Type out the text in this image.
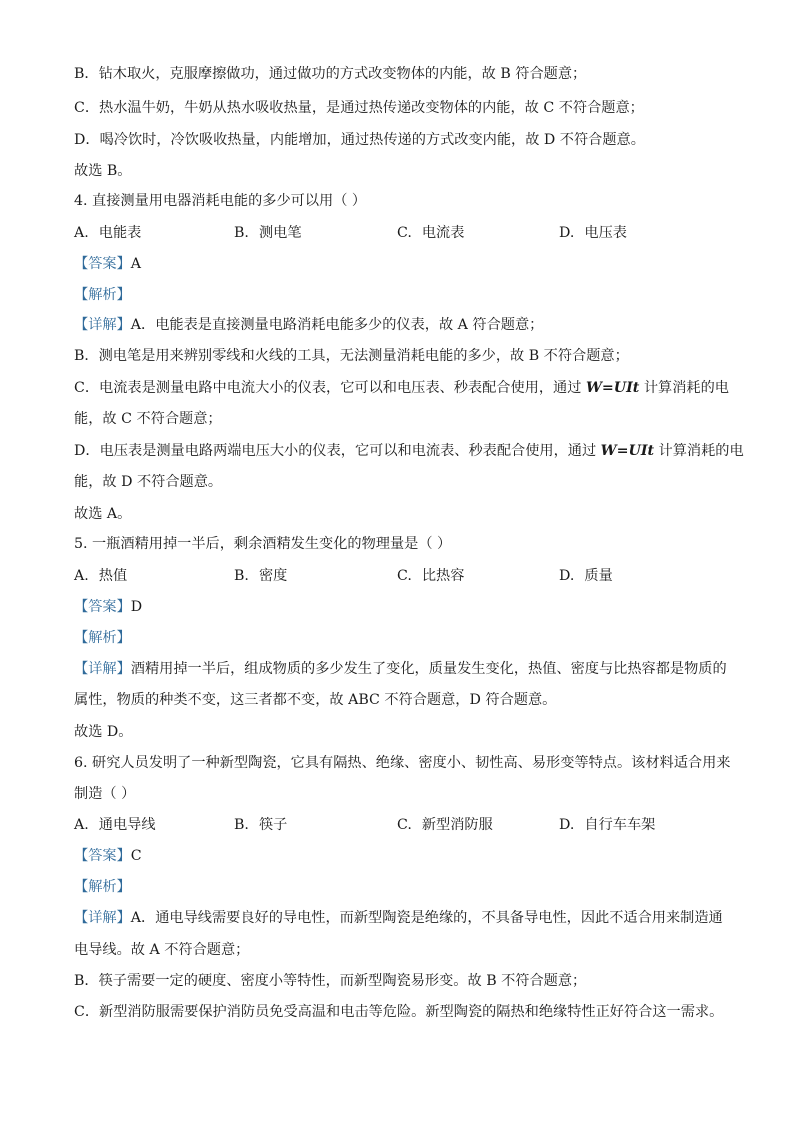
B．钻木取火，克服摩擦做功，通过做功的方式改变物体的内能，故 B 符合题意；
C．热水温牛奶，牛奶从热水吸收热量，是通过热传递改变物体的内能，故 C 不符合题意；
D．喝冷饮时，冷饮吸收热量，内能增加，通过热传递的方式改变内能，故 D 不符合题意。
故选 B。
4. 直接测量用电器消耗电能的多少可以用（ ）
A. 电能表	B. 测电笔	C. 电流表	D. 电压表
【答案】A
【解析】
【详解】A．电能表是直接测量电路消耗电能多少的仪表，故 A 符合题意；
B．测电笔是用来辨别零线和火线的工具，无法测量消耗电能的多少，故 B 不符合题意；
C．电流表是测量电路中电流大小的仪表，它可以和电压表、秒表配合使用，通过 W=UIt 计算消耗的电
能，故 C 不符合题意；
D．电压表是测量电路两端电压大小的仪表，它可以和电流表、秒表配合使用，通过 W=UIt 计算消耗的电
能，故 D 不符合题意。
故选 A。
5. 一瓶酒精用掉一半后，剩余酒精发生变化的物理量是（ ）
A. 热值	B. 密度	C. 比热容	D. 质量
【答案】D
【解析】
【详解】酒精用掉一半后，组成物质的多少发生了变化，质量发生变化，热值、密度与比热容都是物质的
属性，物质的种类不变，这三者都不变，故 ABC 不符合题意，D 符合题意。
故选 D。
6. 研究人员发明了一种新型陶瓷，它具有隔热、绝缘、密度小、韧性高、易形变等特点。该材料适合用来
制造（ ）
A. 通电导线	B. 筷子	C. 新型消防服	D. 自行车车架
【答案】C
【解析】
【详解】A．通电导线需要良好的导电性，而新型陶瓷是绝缘的，不具备导电性，因此不适合用来制造通
电导线。故 A 不符合题意；
B．筷子需要一定的硬度、密度小等特性，而新型陶瓷易形变。故 B 不符合题意；
C．新型消防服需要保护消防员免受高温和电击等危险。新型陶瓷的隔热和绝缘特性正好符合这一需求。
